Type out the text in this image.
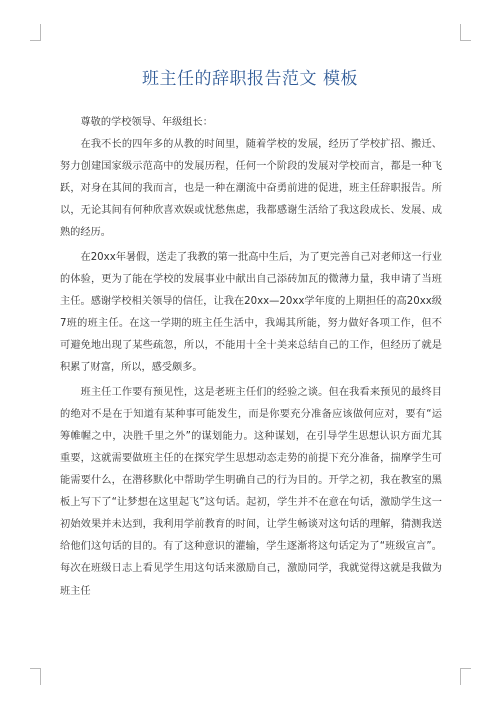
班主任的辞职报告范文 模板

尊敬的学校领导、年级组长：

在我不长的四年多的从教的时间里，随着学校的发展，经历了学校扩招、搬迁、努力创建国家级示范高中的发展历程，任何一个阶段的发展对学校而言，都是一种飞跃，对身在其间的我而言，也是一种在潮流中奋勇前进的促进，班主任辞职报告。所以，无论其间有何种欣喜欢娱或忧愁焦虑，我都感谢生活给了我这段成长、发展、成熟的经历。

在20xx年暑假，送走了我教的第一批高中生后，为了更完善自己对老师这一行业的体验，更为了能在学校的发展事业中献出自己添砖加瓦的微薄力量，我申请了当班主任。感谢学校相关领导的信任，让我在20xx—20xx学年度的上期担任的高20xx级7班的班主任。在这一学期的班主任生活中，我竭其所能，努力做好各项工作，但不可避免地出现了某些疏忽，所以，不能用十全十美来总结自己的工作，但经历了就是积累了财富，所以，感受颇多。

班主任工作要有预见性，这是老班主任们的经验之谈。但在我看来预见的最终目的绝对不是在于知道有某种事可能发生，而是你要充分准备应该做何应对，要有“运筹帷幄之中，决胜千里之外”的谋划能力。这种谋划，在引导学生思想认识方面尤其重要，这就需要做班主任的在探究学生思想动态走势的前提下充分准备，揣摩学生可能需要什么，在潜移默化中帮助学生明确自己的行为目的。开学之初，我在教室的黑板上写下了“让梦想在这里起飞”这句话。起初，学生并不在意在句话，激励学生这一初始效果并未达到，我利用学前教育的时间，让学生畅谈对这句话的理解，猜测我送给他们这句话的目的。有了这种意识的灌输，学生逐渐将这句话定为了“班级宣言”。每次在班级日志上看见学生用这句话来激励自己，激励同学，我就觉得这就是我做为班主任
